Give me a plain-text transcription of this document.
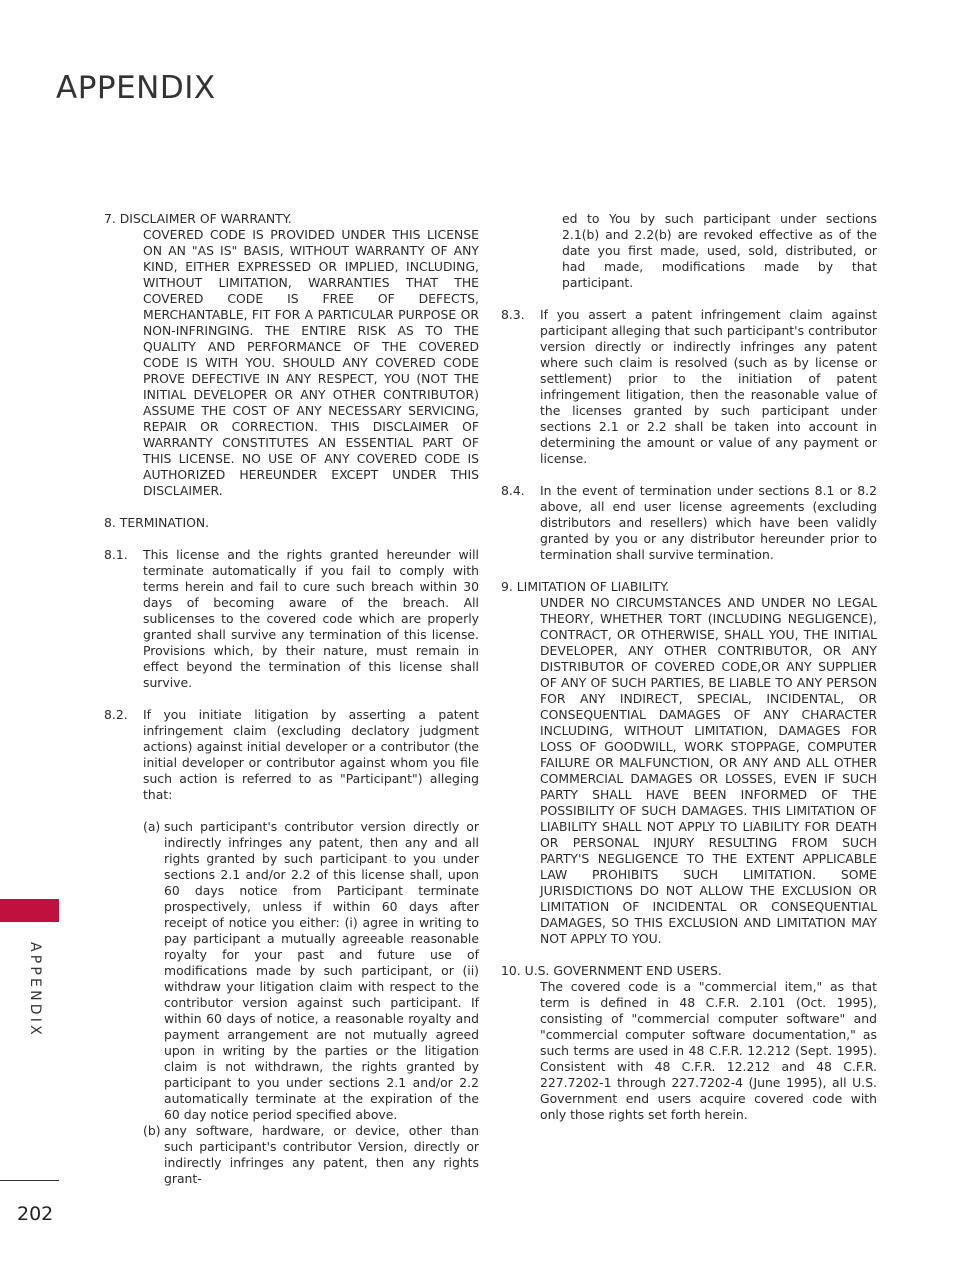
APPENDIX
APPENDIX
202

7. DISCLAIMER OF WARRANTY.

COVERED CODE IS PROVIDED UNDER THIS LICENSE ON AN "AS IS" BASIS, WITHOUT WARRANTY OF ANY KIND, EITHER EXPRESSED OR IMPLIED, INCLUDING, WITHOUT LIMITATION, WARRANTIES THAT THE COVERED CODE IS FREE OF DEFECTS, MERCHANTABLE, FIT FOR A PARTICULAR PURPOSE OR NON-INFRINGING. THE ENTIRE RISK AS TO THE QUALITY AND PERFORMANCE OF THE COVERED CODE IS WITH YOU. SHOULD ANY COVERED CODE PROVE DEFECTIVE IN ANY RESPECT, YOU (NOT THE INITIAL DEVELOPER OR ANY OTHER CONTRIBUTOR) ASSUME THE COST OF ANY NECESSARY SERVICING, REPAIR OR CORRECTION. THIS DISCLAIMER OF WARRANTY CONSTITUTES AN ESSENTIAL PART OF THIS LICENSE. NO USE OF ANY COVERED CODE IS AUTHORIZED HEREUNDER EXCEPT UNDER THIS DISCLAIMER.

8. TERMINATION.

8.1.	This license and the rights granted hereunder will terminate automatically if you fail to comply with terms herein and fail to cure such breach within 30 days of becoming aware of the breach. All sublicenses to the covered code which are properly granted shall survive any termination of this license. Provisions which, by their nature, must remain in effect beyond the termination of this license shall survive.
8.2.	If you initiate litigation by asserting a patent infringement claim (excluding declatory judgment actions) against initial developer or a contributor (the initial developer or contributor against whom you file such action is referred to as "Participant") alleging that:
(a) such participant's contributor version directly or indirectly infringes any patent, then any and all rights granted by such participant to you under sections 2.1 and/or 2.2 of this license shall, upon 60 days notice from Participant terminate prospectively, unless if within 60 days after receipt of notice you either: (i) agree in writing to pay participant a mutually agreeable reasonable royalty for your past and future use of modifications made by such participant, or (ii) withdraw your litigation claim with respect to the contributor version against such participant. If within 60 days of notice, a reasonable royalty and payment arrangement are not mutually agreed upon in writing by the parties or the litigation claim is not withdrawn, the rights granted by participant to you under sections 2.1 and/or 2.2 automatically terminate at the expiration of the 60 day notice period specified above.
(b) any software, hardware, or device, other than such participant's contributor Version, directly or indirectly infringes any patent, then any rights grant-

ed to You by such participant under sections 2.1(b) and 2.2(b) are revoked effective as of the date you first made, used, sold, distributed, or had made, modifications made by that participant.

8.3.	If you assert a patent infringement claim against participant alleging that such participant's contributor version directly or indirectly infringes any patent where such claim is resolved (such as by license or settlement) prior to the initiation of patent infringement litigation, then the reasonable value of the licenses granted by such participant under sections 2.1 or 2.2 shall be taken into account in determining the amount or value of any payment or license.
8.4.	In the event of termination under sections 8.1 or 8.2 above, all end user license agreements (excluding distributors and resellers) which have been validly granted by you or any distributor hereunder prior to termination shall survive termination.

9. LIMITATION OF LIABILITY.

UNDER NO CIRCUMSTANCES AND UNDER NO LEGAL THEORY, WHETHER TORT (INCLUDING NEGLIGENCE), CONTRACT, OR OTHERWISE, SHALL YOU, THE INITIAL DEVELOPER, ANY OTHER CONTRIBUTOR, OR ANY DISTRIBUTOR OF COVERED CODE,OR ANY SUPPLIER OF ANY OF SUCH PARTIES, BE LIABLE TO ANY PERSON FOR ANY INDIRECT, SPECIAL, INCIDENTAL, OR CONSEQUENTIAL DAMAGES OF ANY CHARACTER INCLUDING, WITHOUT LIMITATION, DAMAGES FOR LOSS OF GOODWILL, WORK STOPPAGE, COMPUTER FAILURE OR MALFUNCTION, OR ANY AND ALL OTHER COMMERCIAL DAMAGES OR LOSSES, EVEN IF SUCH PARTY SHALL HAVE BEEN INFORMED OF THE POSSIBILITY OF SUCH DAMAGES. THIS LIMITATION OF LIABILITY SHALL NOT APPLY TO LIABILITY FOR DEATH OR PERSONAL INJURY RESULTING FROM SUCH PARTY'S NEGLIGENCE TO THE EXTENT APPLICABLE LAW PROHIBITS SUCH LIMITATION. SOME JURISDICTIONS DO NOT ALLOW THE EXCLUSION OR LIMITATION OF INCIDENTAL OR CONSEQUENTIAL DAMAGES, SO THIS EXCLUSION AND LIMITATION MAY NOT APPLY TO YOU.

10. U.S. GOVERNMENT END USERS.

The covered code is a "commercial item," as that term is defined in 48 C.F.R. 2.101 (Oct. 1995), consisting of "commercial computer software" and "commercial computer software documentation," as such terms are used in 48 C.F.R. 12.212 (Sept. 1995). Consistent with 48 C.F.R. 12.212 and 48 C.F.R. 227.7202-1 through 227.7202-4 (June 1995), all U.S. Government end users acquire covered code with only those rights set forth herein.
